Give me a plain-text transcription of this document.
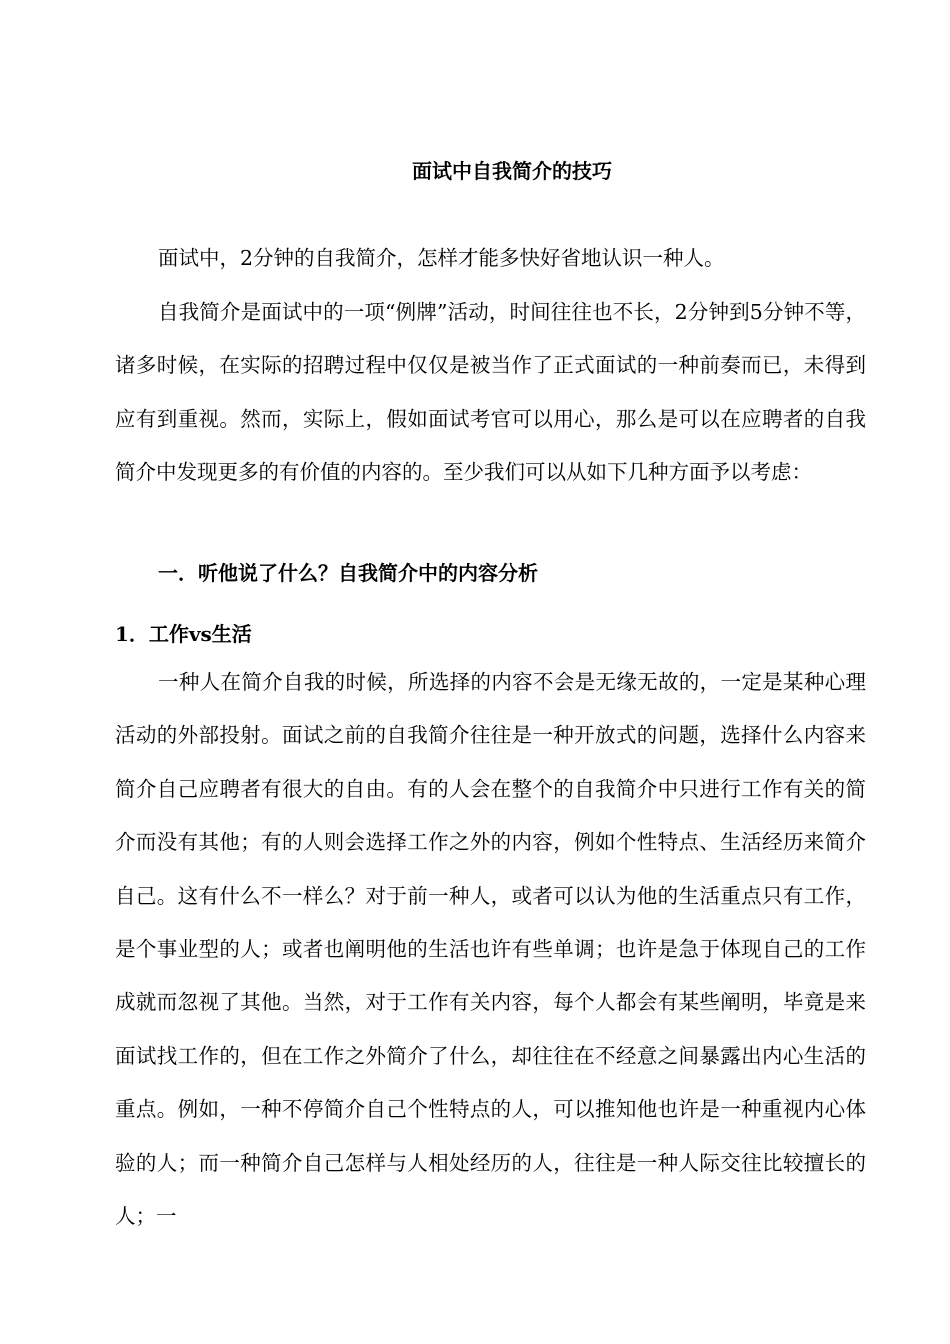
面试中自我简介的技巧

面试中，2分钟的自我简介，怎样才能多快好省地认识一种人。

自我简介是面试中的一项“例牌”活动，时间往往也不长，2分钟到5分钟不等，诸多时候，在实际的招聘过程中仅仅是被当作了正式面试的一种前奏而已，未得到应有到重视。然而，实际上，假如面试考官可以用心，那么是可以在应聘者的自我简介中发现更多的有价值的内容的。至少我们可以从如下几种方面予以考虑：

一．听他说了什么？自我简介中的内容分析
1．工作vs生活

一种人在简介自我的时候，所选择的内容不会是无缘无故的，一定是某种心理活动的外部投射。面试之前的自我简介往往是一种开放式的问题，选择什么内容来简介自己应聘者有很大的自由。有的人会在整个的自我简介中只进行工作有关的简介而没有其他；有的人则会选择工作之外的内容，例如个性特点、生活经历来简介自己。这有什么不一样么？对于前一种人，或者可以认为他的生活重点只有工作，是个事业型的人；或者也阐明他的生活也许有些单调；也许是急于体现自己的工作成就而忽视了其他。当然，对于工作有关内容，每个人都会有某些阐明，毕竟是来面试找工作的，但在工作之外简介了什么，却往往在不经意之间暴露出内心生活的重点。例如，一种不停简介自己个性特点的人，可以推知他也许是一种重视内心体验的人；而一种简介自己怎样与人相处经历的人，往往是一种人际交往比较擅长的人；一
